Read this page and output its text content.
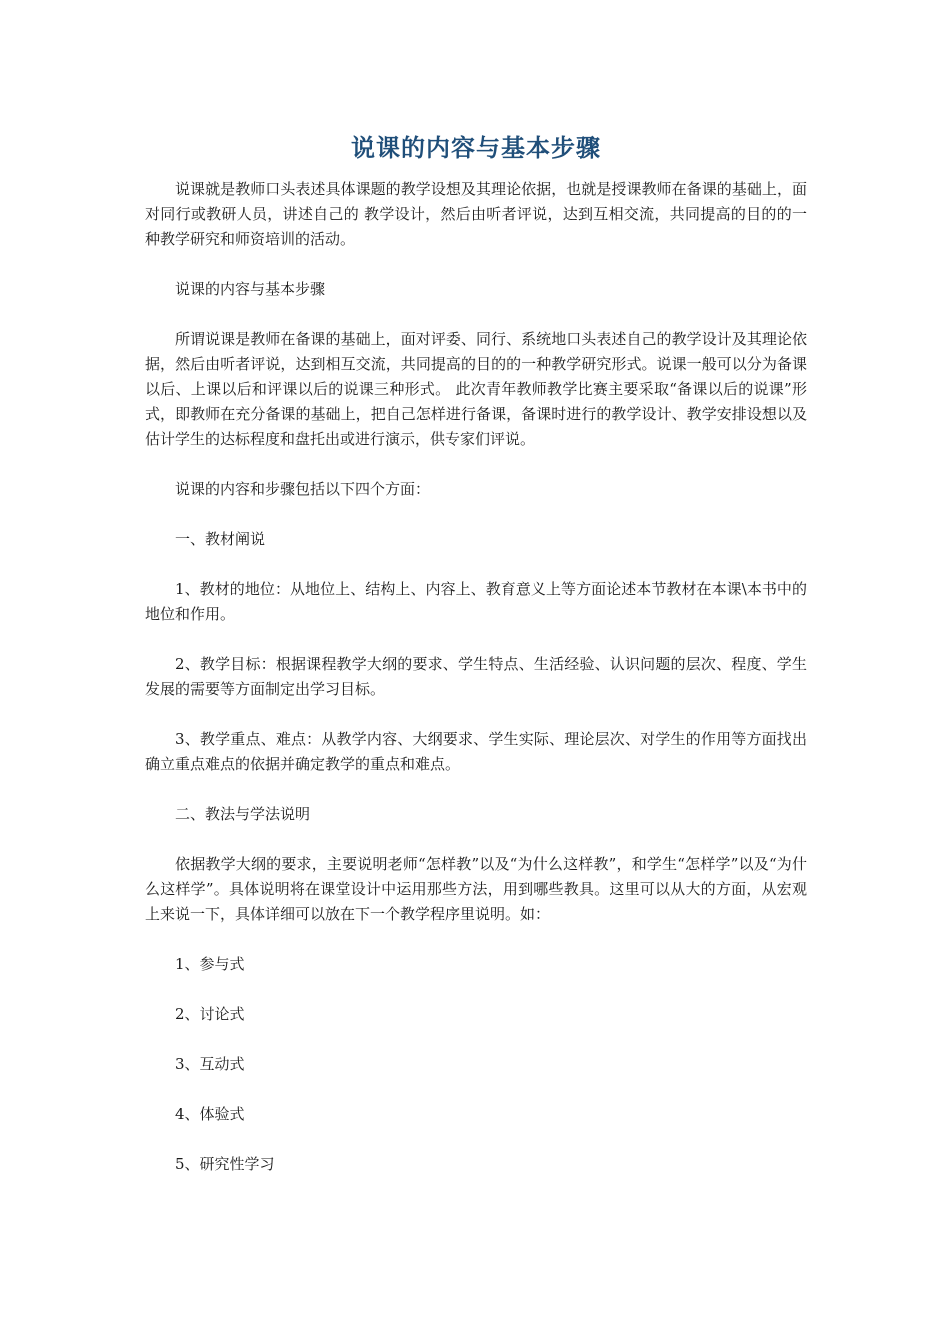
说课的内容与基本步骤

说课就是教师口头表述具体课题的教学设想及其理论依据，也就是授课教师在备课的基础上，面对同行或教研人员，讲述自己的 教学设计，然后由听者评说，达到互相交流，共同提高的目的的一种教学研究和师资培训的活动。

说课的内容与基本步骤

所谓说课是教师在备课的基础上，面对评委、同行、系统地口头表述自己的教学设计及其理论依据，然后由听者评说，达到相互交流，共同提高的目的的一种教学研究形式。说课一般可以分为备课以后、上课以后和评课以后的说课三种形式。 此次青年教师教学比赛主要采取“备课以后的说课”形式，即教师在充分备课的基础上，把自己怎样进行备课，备课时进行的教学设计、教学安排设想以及估计学生的达标程度和盘托出或进行演示，供专家们评说。

说课的内容和步骤包括以下四个方面：

一、教材阐说

1、教材的地位：从地位上、结构上、内容上、教育意义上等方面论述本节教材在本课\本书中的地位和作用。

2、教学目标：根据课程教学大纲的要求、学生特点、生活经验、认识问题的层次、程度、学生发展的需要等方面制定出学习目标。

3、教学重点、难点：从教学内容、大纲要求、学生实际、理论层次、对学生的作用等方面找出确立重点难点的依据并确定教学的重点和难点。

二、教法与学法说明

依据教学大纲的要求，主要说明老师“怎样教”以及“为什么这样教”，和学生“怎样学”以及“为什么这样学”。具体说明将在课堂设计中运用那些方法，用到哪些教具。这里可以从大的方面，从宏观上来说一下，具体详细可以放在下一个教学程序里说明。如：

1、参与式

2、讨论式

3、互动式

4、体验式

5、研究性学习
